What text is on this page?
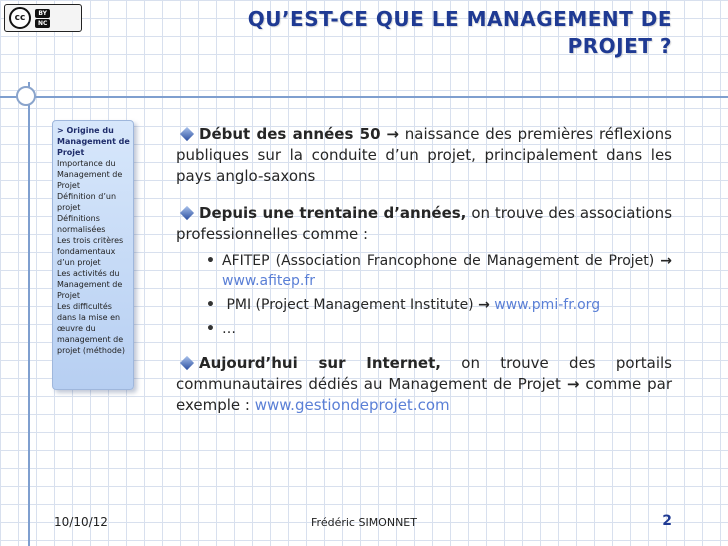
cc	BY
NC	QU’EST-CE QUE LE MANAGEMENT DE
PROJET ?
> Origine du Management de Projet
Importance du Management de Projet
Définition d’un projet
Définitions normalisées
Les trois critères fondamentaux d’un projet
Les activités du Management de Projet
Les difficultés dans la mise en œuvre du management de projet (méthode)

Début des années 50 → naissance des premières réflexions publiques sur la conduite d’un projet, principalement dans les pays anglo-saxons

Depuis une trentaine d’années, on trouve des associations professionnelles comme :

• AFITEP (Association Francophone de Management de Projet) → www.afitep.fr
• PMI (Project Management Institute) → www.pmi-fr.org
• …

Aujourd’hui sur Internet, on trouve des portails communautaires dédiés au Management de Projet → comme par exemple : www.gestiondeprojet.com

10/10/12	Frédéric SIMONNET	2
